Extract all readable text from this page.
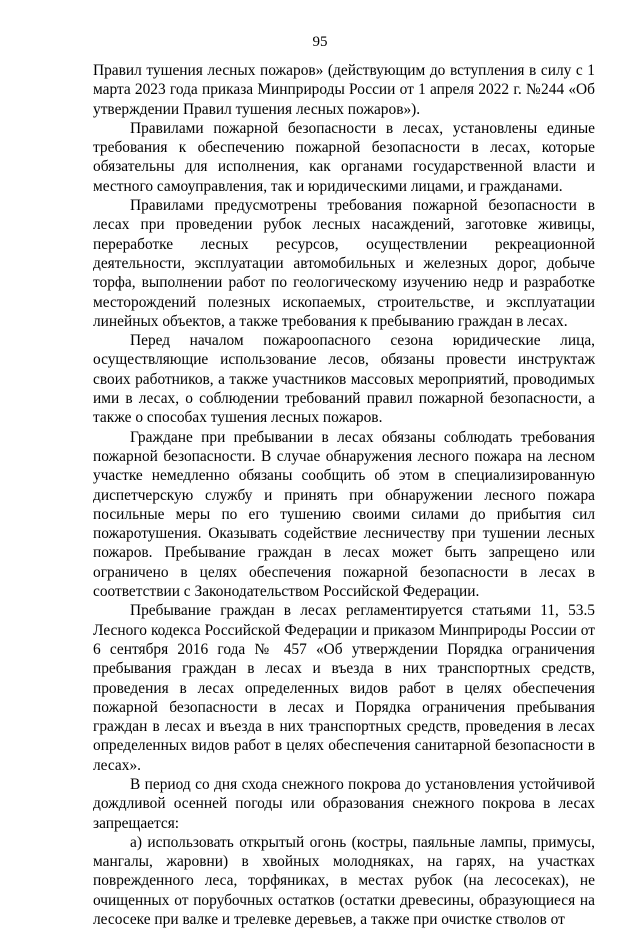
95

Правил тушения лесных пожаров» (действующим до вступления в силу с 1 марта 2023 года приказа Минприроды России от 1 апреля 2022 г. №244 «Об утверждении Правил тушения лесных пожаров»).

Правилами пожарной безопасности в лесах, установлены единые требования к обеспечению пожарной безопасности в лесах, которые обязательны для исполнения, как органами государственной власти и местного самоуправления, так и юридическими лицами, и гражданами.

Правилами предусмотрены требования пожарной безопасности в лесах при проведении рубок лесных насаждений, заготовке живицы, переработке лесных ресурсов, осуществлении рекреационной деятельности, эксплуатации автомобильных и железных дорог, добыче торфа, выполнении работ по геологическому изучению недр и разработке месторождений полезных ископаемых, строительстве, и эксплуатации линейных объектов, а также требования к пребыванию граждан в лесах.

Перед началом пожароопасного сезона юридические лица, осуществляющие использование лесов, обязаны провести инструктаж своих работников, а также участников массовых мероприятий, проводимых ими в лесах, о соблюдении требований правил пожарной безопасности, а также о способах тушения лесных пожаров.

Граждане при пребывании в лесах обязаны соблюдать требования пожарной безопасности. В случае обнаружения лесного пожара на лесном участке немедленно обязаны сообщить об этом в специализированную диспетчерскую службу и принять при обнаружении лесного пожара посильные меры по его тушению своими силами до прибытия сил пожаротушения. Оказывать содействие лесничеству при тушении лесных пожаров. Пребывание граждан в лесах может быть запрещено или ограничено в целях обеспечения пожарной безопасности в лесах в соответствии с Законодательством Российской Федерации.

Пребывание граждан в лесах регламентируется статьями 11, 53.5 Лесного кодекса Российской Федерации и приказом Минприроды России от 6 сентября 2016 года № 457 «Об утверждении Порядка ограничения пребывания граждан в лесах и въезда в них транспортных средств, проведения в лесах определенных видов работ в целях обеспечения пожарной безопасности в лесах и Порядка ограничения пребывания граждан в лесах и въезда в них транспортных средств, проведения в лесах определенных видов работ в целях обеспечения санитарной безопасности в лесах».

В период со дня схода снежного покрова до установления устойчивой дождливой осенней погоды или образования снежного покрова в лесах запрещается:

а) использовать открытый огонь (костры, паяльные лампы, примусы, мангалы, жаровни) в хвойных молодняках, на гарях, на участках поврежденного леса, торфяниках, в местах рубок (на лесосеках), не очищенных от порубочных остатков (остатки древесины, образующиеся на лесосеке при валке и трелевке деревьев, а также при очистке стволов от
